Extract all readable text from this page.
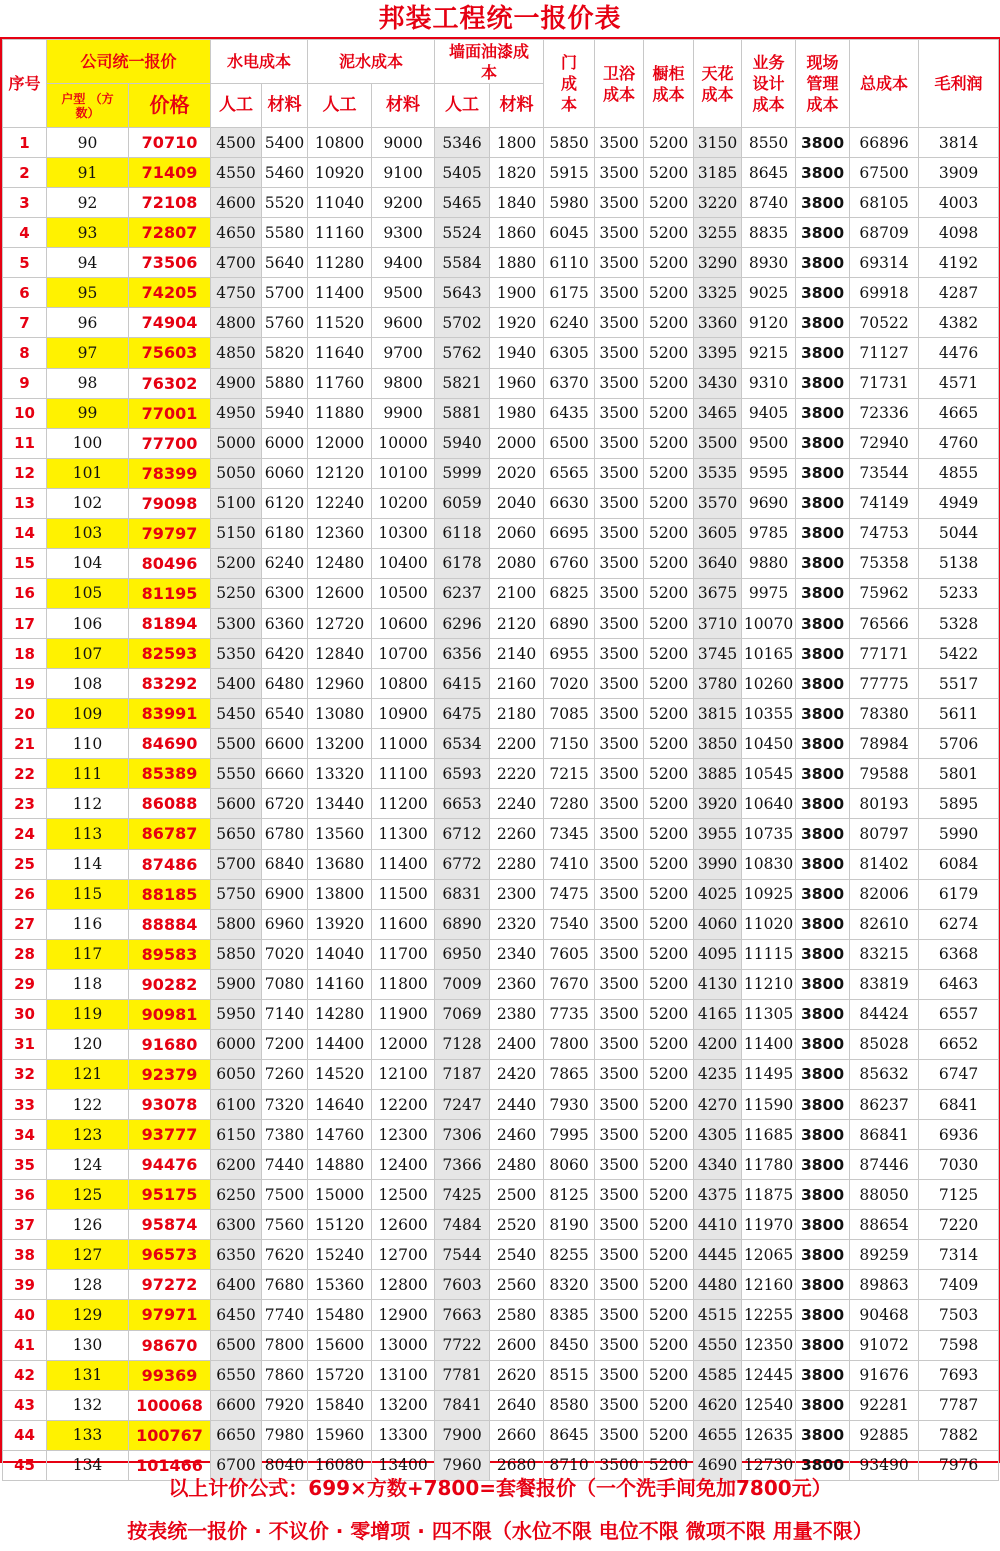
邦装工程统一报价表
序号	公司统一报价		水电成本		泥水成本		墙面油漆成本		门成本	卫浴成本	橱柜成本	天花成本	业务设计成本	现场管理成本	总成本	毛利润
	户型 （方数）	价格	人工	材料	人工	材料	人工	材料								
1	90	70710	4500	5400	10800	9000	5346	1800	5850	3500	5200	3150	8550	3800	66896	3814
2	91	71409	4550	5460	10920	9100	5405	1820	5915	3500	5200	3185	8645	3800	67500	3909
3	92	72108	4600	5520	11040	9200	5465	1840	5980	3500	5200	3220	8740	3800	68105	4003
4	93	72807	4650	5580	11160	9300	5524	1860	6045	3500	5200	3255	8835	3800	68709	4098
5	94	73506	4700	5640	11280	9400	5584	1880	6110	3500	5200	3290	8930	3800	69314	4192
6	95	74205	4750	5700	11400	9500	5643	1900	6175	3500	5200	3325	9025	3800	69918	4287
7	96	74904	4800	5760	11520	9600	5702	1920	6240	3500	5200	3360	9120	3800	70522	4382
8	97	75603	4850	5820	11640	9700	5762	1940	6305	3500	5200	3395	9215	3800	71127	4476
9	98	76302	4900	5880	11760	9800	5821	1960	6370	3500	5200	3430	9310	3800	71731	4571
10	99	77001	4950	5940	11880	9900	5881	1980	6435	3500	5200	3465	9405	3800	72336	4665
11	100	77700	5000	6000	12000	10000	5940	2000	6500	3500	5200	3500	9500	3800	72940	4760
12	101	78399	5050	6060	12120	10100	5999	2020	6565	3500	5200	3535	9595	3800	73544	4855
13	102	79098	5100	6120	12240	10200	6059	2040	6630	3500	5200	3570	9690	3800	74149	4949
14	103	79797	5150	6180	12360	10300	6118	2060	6695	3500	5200	3605	9785	3800	74753	5044
15	104	80496	5200	6240	12480	10400	6178	2080	6760	3500	5200	3640	9880	3800	75358	5138
16	105	81195	5250	6300	12600	10500	6237	2100	6825	3500	5200	3675	9975	3800	75962	5233
17	106	81894	5300	6360	12720	10600	6296	2120	6890	3500	5200	3710	10070	3800	76566	5328
18	107	82593	5350	6420	12840	10700	6356	2140	6955	3500	5200	3745	10165	3800	77171	5422
19	108	83292	5400	6480	12960	10800	6415	2160	7020	3500	5200	3780	10260	3800	77775	5517
20	109	83991	5450	6540	13080	10900	6475	2180	7085	3500	5200	3815	10355	3800	78380	5611
21	110	84690	5500	6600	13200	11000	6534	2200	7150	3500	5200	3850	10450	3800	78984	5706
22	111	85389	5550	6660	13320	11100	6593	2220	7215	3500	5200	3885	10545	3800	79588	5801
23	112	86088	5600	6720	13440	11200	6653	2240	7280	3500	5200	3920	10640	3800	80193	5895
24	113	86787	5650	6780	13560	11300	6712	2260	7345	3500	5200	3955	10735	3800	80797	5990
25	114	87486	5700	6840	13680	11400	6772	2280	7410	3500	5200	3990	10830	3800	81402	6084
26	115	88185	5750	6900	13800	11500	6831	2300	7475	3500	5200	4025	10925	3800	82006	6179
27	116	88884	5800	6960	13920	11600	6890	2320	7540	3500	5200	4060	11020	3800	82610	6274
28	117	89583	5850	7020	14040	11700	6950	2340	7605	3500	5200	4095	11115	3800	83215	6368
29	118	90282	5900	7080	14160	11800	7009	2360	7670	3500	5200	4130	11210	3800	83819	6463
30	119	90981	5950	7140	14280	11900	7069	2380	7735	3500	5200	4165	11305	3800	84424	6557
31	120	91680	6000	7200	14400	12000	7128	2400	7800	3500	5200	4200	11400	3800	85028	6652
32	121	92379	6050	7260	14520	12100	7187	2420	7865	3500	5200	4235	11495	3800	85632	6747
33	122	93078	6100	7320	14640	12200	7247	2440	7930	3500	5200	4270	11590	3800	86237	6841
34	123	93777	6150	7380	14760	12300	7306	2460	7995	3500	5200	4305	11685	3800	86841	6936
35	124	94476	6200	7440	14880	12400	7366	2480	8060	3500	5200	4340	11780	3800	87446	7030
36	125	95175	6250	7500	15000	12500	7425	2500	8125	3500	5200	4375	11875	3800	88050	7125
37	126	95874	6300	7560	15120	12600	7484	2520	8190	3500	5200	4410	11970	3800	88654	7220
38	127	96573	6350	7620	15240	12700	7544	2540	8255	3500	5200	4445	12065	3800	89259	7314
39	128	97272	6400	7680	15360	12800	7603	2560	8320	3500	5200	4480	12160	3800	89863	7409
40	129	97971	6450	7740	15480	12900	7663	2580	8385	3500	5200	4515	12255	3800	90468	7503
41	130	98670	6500	7800	15600	13000	7722	2600	8450	3500	5200	4550	12350	3800	91072	7598
42	131	99369	6550	7860	15720	13100	7781	2620	8515	3500	5200	4585	12445	3800	91676	7693
43	132	100068	6600	7920	15840	13200	7841	2640	8580	3500	5200	4620	12540	3800	92281	7787
44	133	100767	6650	7980	15960	13300	7900	2660	8645	3500	5200	4655	12635	3800	92885	7882
45	134	101466	6700	8040	16080	13400	7960	2680	8710	3500	5200	4690	12730	3800	93490	7976
以上计价公式：699×方数+7800=套餐报价（一个洗手间免加7800元）
按表统一报价 · 不议价 · 零增项 · 四不限（水位不限 电位不限 微项不限 用量不限）
